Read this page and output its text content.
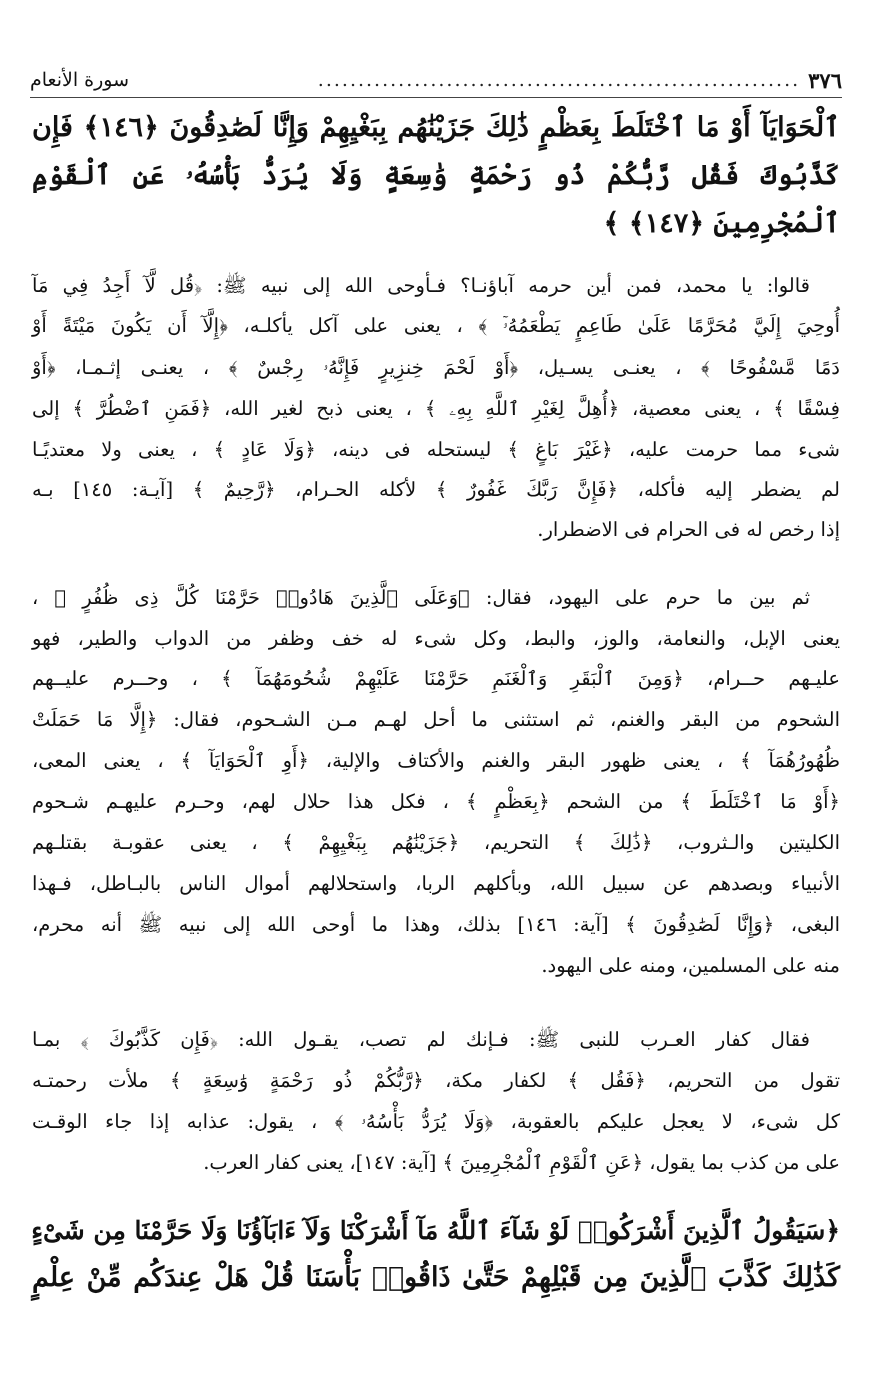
٣٧٦
............................................................
سورة الأنعام
ٱلْحَوَايَآ أَوْ مَا ٱخْتَلَطَ بِعَظْمٍ ذَٰلِكَ جَزَيْنَٰهُم بِبَغْيِهِمْ وَإِنَّا لَصَٰدِقُونَ ﴿١٤٦﴾ فَإِن
كَذَّبُوكَ فَقُل رَّبُّكُمْ ذُو رَحْمَةٍ وَٰسِعَةٍ وَلَا يُرَدُّ بَأْسُهُۥ عَنِ ٱلْقَوْمِ
ٱلْمُجْرِمِينَ ﴿١٤٧﴾ ﴾
قالوا: يا محمد، فمن أين حرمه آباؤنـا؟ فـأوحى الله إلى نبيه ﷺ: ﴿قُل لَّآ أَجِدُ فِي مَآ
أُوحِيَ إِلَيَّ مُحَرَّمًا عَلَىٰ طَاعِمٍ يَطْعَمُهُۥٓ ﴾ ، يعنى على آكل يأكلـه، ﴿إِلَّآ أَن يَكُونَ مَيْتَةً أَوْ
دَمًا مَّسْفُوحًا ﴾ ، يعنـى يسـيل، ﴿أَوْ لَحْمَ خِنزِيرٍ فَإِنَّهُۥ رِجْسٌ ﴾ ، يعنـى إثـمـا، ﴿أَوْ
فِسْقًا ﴾ ، يعنى معصية، ﴿أُهِلَّ لِغَيْرِ ٱللَّهِ بِهِۦ ﴾ ، يعنى ذبح لغير الله، ﴿فَمَنِ ٱضْطُرَّ ﴾ إلى
شىء مما حرمت عليه، ﴿غَيْرَ بَاغٍ ﴾ ليستحله فى دينه، ﴿وَلَا عَادٍ ﴾ ، يعنى ولا معتديًـا
لم يضطر إليه فأكله، ﴿فَإِنَّ رَبَّكَ غَفُورٌ ﴾ لأكله الحـرام، ﴿رَّحِيمٌ ﴾ [آيـة: ١٤٥] بـه
إذا رخص له فى الحرام فى الاضطرار.
ثم بين ما حرم على اليهود، فقال: ﴿وَعَلَى ٱلَّذِينَ هَادُوا۟ حَرَّمْنَا كُلَّ ذِى ظُفُرٍ ﴾ ،
يعنى الإبل، والنعامة، والوز، والبط، وكل شىء له خف وظفر من الدواب والطير، فهو
عليـهم حــرام، ﴿وَمِنَ ٱلْبَقَرِ وَٱلْغَنَمِ حَرَّمْنَا عَلَيْهِمْ شُحُومَهُمَآ ﴾ ، وحــرم عليــهم
الشحوم من البقر والغنم، ثم استثنى ما أحل لهـم مـن الشـحوم، فقال: ﴿إِلَّا مَا حَمَلَتْ
ظُهُورُهُمَآ ﴾ ، يعنى ظهور البقر والغنم والأكتاف والإلية، ﴿أَوِ ٱلْحَوَايَآ ﴾ ، يعنى المعى،
﴿أَوْ مَا ٱخْتَلَطَ ﴾ من الشحم ﴿بِعَظْمٍ ﴾ ، فكل هذا حلال لهم، وحـرم عليهـم شـحوم
الكليتين والـثروب، ﴿ذَٰلِكَ ﴾ التحريم، ﴿جَزَيْنَٰهُم بِبَغْيِهِمْ ﴾ ، يعنى عقوبـة بقتلـهم
الأنبياء وبصدهم عن سبيل الله، وبأكلهم الربا، واستحلالهم أموال الناس بالبـاطل، فـهذا
البغى، ﴿وَإِنَّا لَصَٰدِقُونَ ﴾ [آية: ١٤٦] بذلك، وهذا ما أوحى الله إلى نبيه ﷺ أنه محرم،
منه على المسلمين، ومنه على اليهود.
فقال كفار العـرب للنبى ﷺ: فـإنك لم تصب، يقـول الله: ﴿فَإِن كَذَّبُوكَ ﴾ بمـا
تقول من التحريم، ﴿فَقُل ﴾ لكفار مكة، ﴿رَّبُّكُمْ ذُو رَحْمَةٍ وَٰسِعَةٍ ﴾ ملأت رحمتـه
كل شىء، لا يعجل عليكم بالعقوبة، ﴿وَلَا يُرَدُّ بَأْسُهُۥ ﴾ ، يقول: عذابه إذا جاء الوقـت
على من كذب بما يقول، ﴿عَنِ ٱلْقَوْمِ ٱلْمُجْرِمِينَ ﴾ [آية: ١٤٧]، يعنى كفار العرب.
﴿سَيَقُولُ ٱلَّذِينَ أَشْرَكُوا۟ لَوْ شَآءَ ٱللَّهُ مَآ أَشْرَكْنَا وَلَآ ءَابَآؤُنَا وَلَا حَرَّمْنَا مِن شَىْءٍ
كَذَٰلِكَ كَذَّبَ ٱلَّذِينَ مِن قَبْلِهِمْ حَتَّىٰ ذَاقُوا۟ بَأْسَنَا قُلْ هَلْ عِندَكُم مِّنْ عِلْمٍ
